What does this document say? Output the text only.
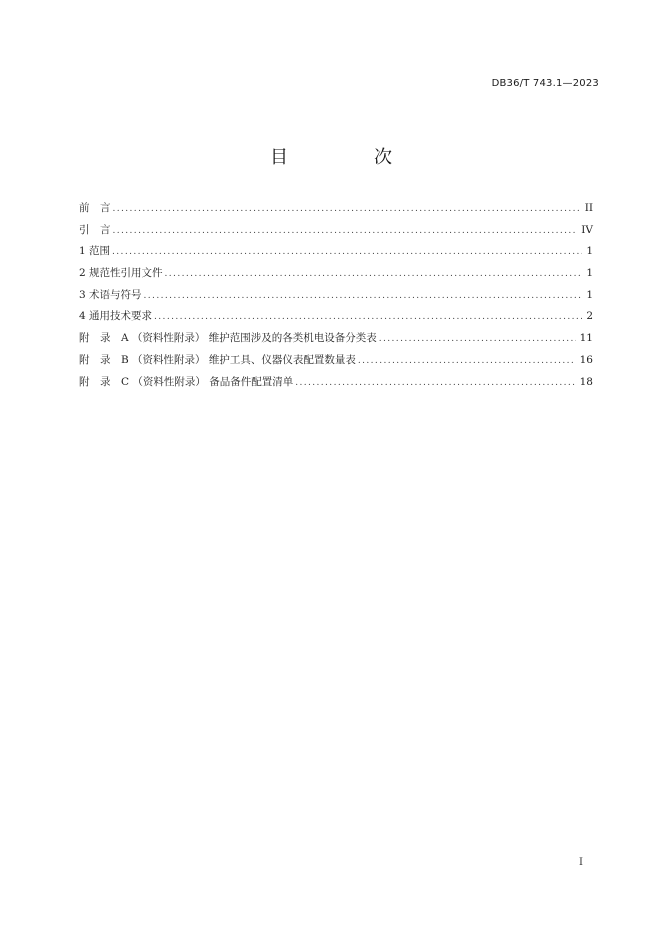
DB36/T 743.1—2023
目　次
前　言 .....	II
引　言 .....	IV
1 范围 .....	1
2 规范性引用文件 .....	1
3 术语与符号 .....	1
4 通用技术要求 .....	2
附　录　A （资料性附录） 维护范围涉及的各类机电设备分类表 .....	11
附　录　B （资料性附录） 维护工具、仪器仪表配置数量表 .....	16
附　录　C （资料性附录） 备品备件配置清单 .....	18
I
